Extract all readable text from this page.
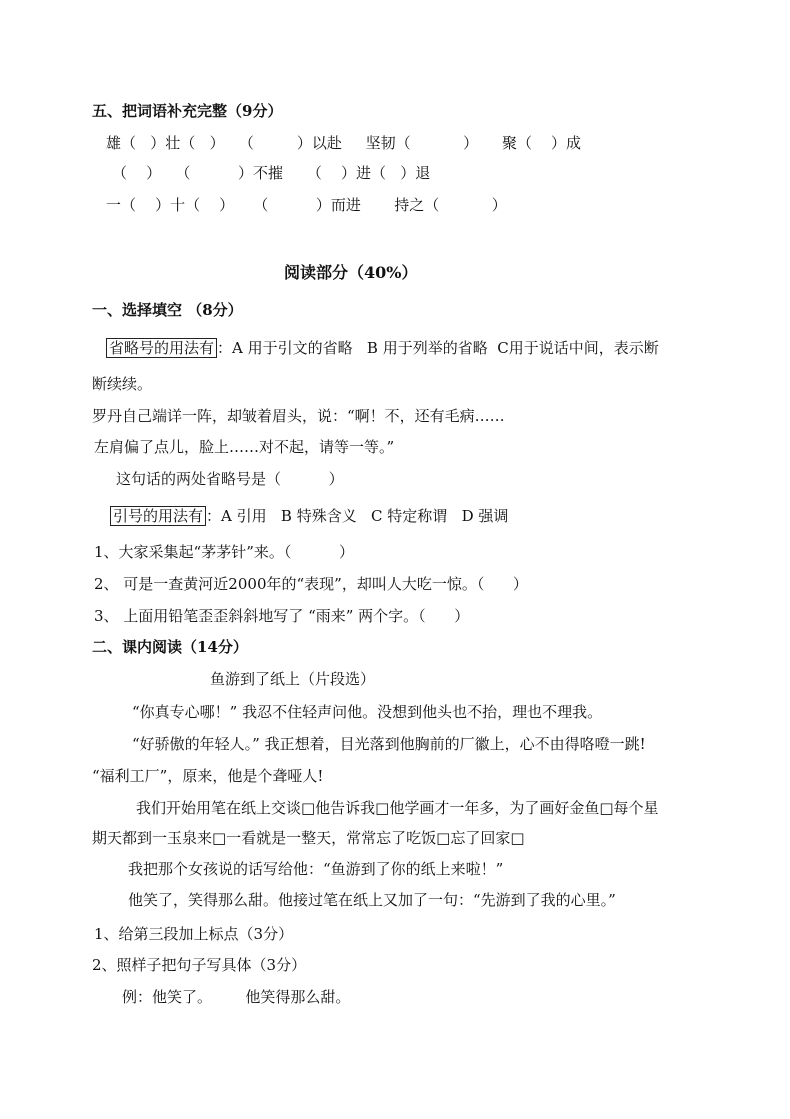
五、把词语补充完整（9分）
雄（   ）壮（   ）   （         ）以赴     坚韧（           ）     聚（    ）成
（    ）   （          ）不摧     （    ）进（   ）退
一（    ）十（    ）    （          ）而进       持之（           ）
阅读部分（40%）
一、选择填空 （8分）
省略号的用法有 ：A 用于引文的省略   B 用于列举的省略  C用于说话中间，表示断
断续续。
罗丹自己端详一阵，却皱着眉头，说：“啊！不，还有毛病……
左肩偏了点儿，脸上……对不起，请等一等。”
这句话的两处省略号是（          ）
引号的用法有 ：A 引用   B 特殊含义   C 特定称谓   D 强调
1、大家采集起“茅茅针”来。（          ）
2、 可是一查黄河近2000年的“表现”，却叫人大吃一惊。（      ）
3、 上面用铅笔歪歪斜斜地写了 “雨来” 两个字。（      ）
二、课内阅读（14分）
鱼游到了纸上（片段选）
“你真专心哪！” 我忍不住轻声问他。没想到他头也不抬，理也不理我。
“好骄傲的年轻人。” 我正想着，目光落到他胸前的厂徽上，心不由得咯噔一跳!
“福利工厂”，原来，他是个聋哑人!
我们开始用笔在纸上交谈□他告诉我□他学画才一年多，为了画好金鱼□每个星
期天都到一玉泉来□一看就是一整天，常常忘了吃饭□忘了回家□
我把那个女孩说的话写给他：“鱼游到了你的纸上来啦！”
他笑了，笑得那么甜。他接过笔在纸上又加了一句：“先游到了我的心里。”
1、给第三段加上标点（3分）
2、照样子把句子写具体（3分）
例：他笑了。       他笑得那么甜。
